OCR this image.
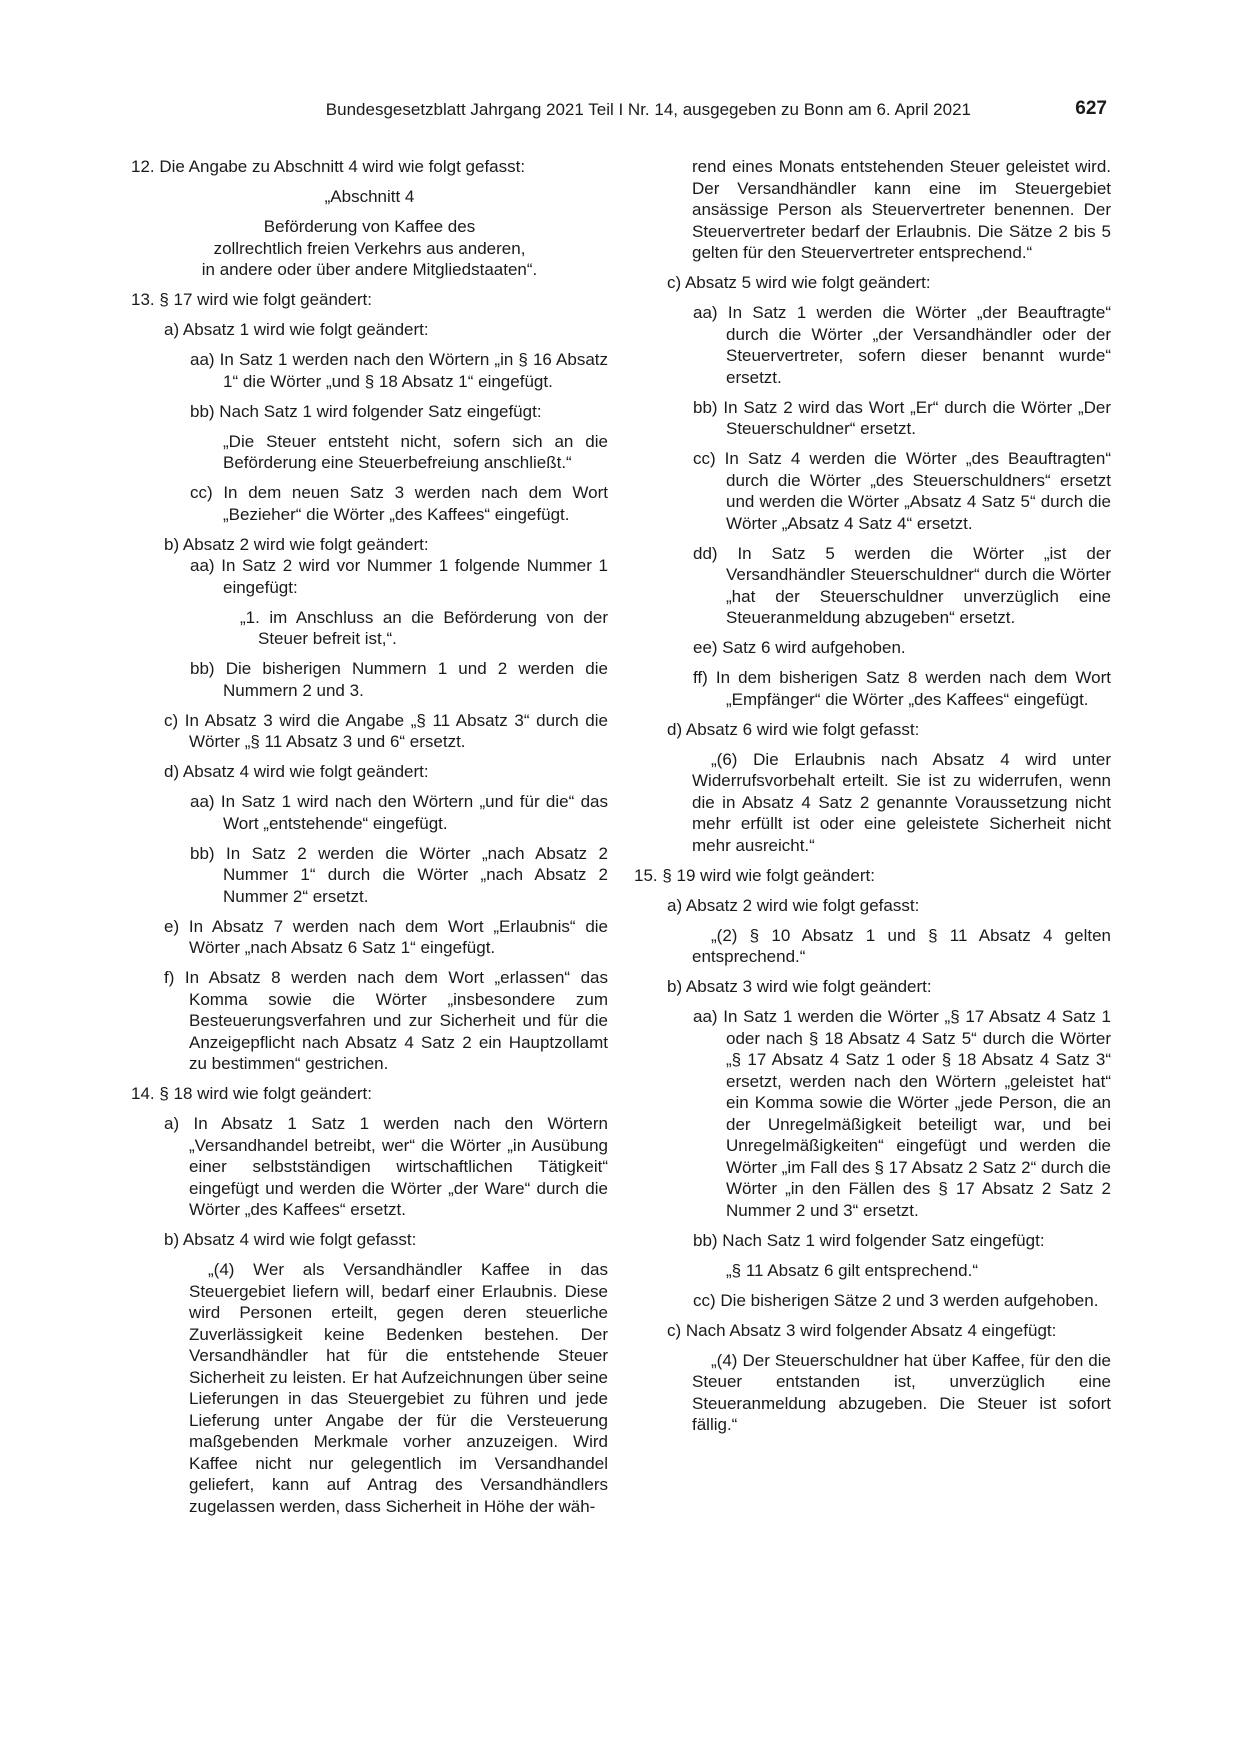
Bundesgesetzblatt Jahrgang 2021 Teil I Nr. 14, ausgegeben zu Bonn am 6. April 2021	627

12. Die Angabe zu Abschnitt 4 wird wie folgt gefasst:

„Abschnitt 4

Beförderung von Kaffee des
zollrechtlich freien Verkehrs aus anderen,
in andere oder über andere Mitgliedstaaten“.

13. § 17 wird wie folgt geändert:

a) Absatz 1 wird wie folgt geändert:

aa) In Satz 1 werden nach den Wörtern „in § 16 Absatz 1“ die Wörter „und § 18 Absatz 1“ eingefügt.

bb) Nach Satz 1 wird folgender Satz eingefügt:

„Die Steuer entsteht nicht, sofern sich an die Beförderung eine Steuerbefreiung anschließt.“

cc) In dem neuen Satz 3 werden nach dem Wort „Bezieher“ die Wörter „des Kaffees“ eingefügt.

b) Absatz 2 wird wie folgt geändert:

aa) In Satz 2 wird vor Nummer 1 folgende Nummer 1 eingefügt:

„1. im Anschluss an die Beförderung von der Steuer befreit ist,“.

bb) Die bisherigen Nummern 1 und 2 werden die Nummern 2 und 3.

c) In Absatz 3 wird die Angabe „§ 11 Absatz 3“ durch die Wörter „§ 11 Absatz 3 und 6“ ersetzt.

d) Absatz 4 wird wie folgt geändert:

aa) In Satz 1 wird nach den Wörtern „und für die“ das Wort „entstehende“ eingefügt.

bb) In Satz 2 werden die Wörter „nach Absatz 2 Nummer 1“ durch die Wörter „nach Absatz 2 Nummer 2“ ersetzt.

e) In Absatz 7 werden nach dem Wort „Erlaubnis“ die Wörter „nach Absatz 6 Satz 1“ eingefügt.

f) In Absatz 8 werden nach dem Wort „erlassen“ das Komma sowie die Wörter „insbesondere zum Besteuerungsverfahren und zur Sicherheit und für die Anzeigepflicht nach Absatz 4 Satz 2 ein Hauptzollamt zu bestimmen“ gestrichen.

14. § 18 wird wie folgt geändert:

a) In Absatz 1 Satz 1 werden nach den Wörtern „Versandhandel betreibt, wer“ die Wörter „in Ausübung einer selbstständigen wirtschaftlichen Tätigkeit“ eingefügt und werden die Wörter „der Ware“ durch die Wörter „des Kaffees“ ersetzt.

b) Absatz 4 wird wie folgt gefasst:

„(4) Wer als Versandhändler Kaffee in das Steuergebiet liefern will, bedarf einer Erlaubnis. Diese wird Personen erteilt, gegen deren steuerliche Zuverlässigkeit keine Bedenken bestehen. Der Versandhändler hat für die entstehende Steuer Sicherheit zu leisten. Er hat Aufzeichnungen über seine Lieferungen in das Steuergebiet zu führen und jede Lieferung unter Angabe der für die Versteuerung maßgebenden Merkmale vorher anzuzeigen. Wird Kaffee nicht nur gelegentlich im Versandhandel geliefert, kann auf Antrag des Versandhändlers zugelassen werden, dass Sicherheit in Höhe der wäh-

rend eines Monats entstehenden Steuer geleistet wird. Der Versandhändler kann eine im Steuergebiet ansässige Person als Steuervertreter benennen. Der Steuervertreter bedarf der Erlaubnis. Die Sätze 2 bis 5 gelten für den Steuervertreter entsprechend.“

c) Absatz 5 wird wie folgt geändert:

aa) In Satz 1 werden die Wörter „der Beauftragte“ durch die Wörter „der Versandhändler oder der Steuervertreter, sofern dieser benannt wurde“ ersetzt.

bb) In Satz 2 wird das Wort „Er“ durch die Wörter „Der Steuerschuldner“ ersetzt.

cc) In Satz 4 werden die Wörter „des Beauftragten“ durch die Wörter „des Steuerschuldners“ ersetzt und werden die Wörter „Absatz 4 Satz 5“ durch die Wörter „Absatz 4 Satz 4“ ersetzt.

dd) In Satz 5 werden die Wörter „ist der Versandhändler Steuerschuldner“ durch die Wörter „hat der Steuerschuldner unverzüglich eine Steueranmeldung abzugeben“ ersetzt.

ee) Satz 6 wird aufgehoben.

ff) In dem bisherigen Satz 8 werden nach dem Wort „Empfänger“ die Wörter „des Kaffees“ eingefügt.

d) Absatz 6 wird wie folgt gefasst:

„(6) Die Erlaubnis nach Absatz 4 wird unter Widerrufsvorbehalt erteilt. Sie ist zu widerrufen, wenn die in Absatz 4 Satz 2 genannte Voraussetzung nicht mehr erfüllt ist oder eine geleistete Sicherheit nicht mehr ausreicht.“

15. § 19 wird wie folgt geändert:

a) Absatz 2 wird wie folgt gefasst:

„(2) § 10 Absatz 1 und § 11 Absatz 4 gelten entsprechend.“

b) Absatz 3 wird wie folgt geändert:

aa) In Satz 1 werden die Wörter „§ 17 Absatz 4 Satz 1 oder nach § 18 Absatz 4 Satz 5“ durch die Wörter „§ 17 Absatz 4 Satz 1 oder § 18 Absatz 4 Satz 3“ ersetzt, werden nach den Wörtern „geleistet hat“ ein Komma sowie die Wörter „jede Person, die an der Unregelmäßigkeit beteiligt war, und bei Unregelmäßigkeiten“ eingefügt und werden die Wörter „im Fall des § 17 Absatz 2 Satz 2“ durch die Wörter „in den Fällen des § 17 Absatz 2 Satz 2 Nummer 2 und 3“ ersetzt.

bb) Nach Satz 1 wird folgender Satz eingefügt:

„§ 11 Absatz 6 gilt entsprechend.“

cc) Die bisherigen Sätze 2 und 3 werden aufgehoben.

c) Nach Absatz 3 wird folgender Absatz 4 eingefügt:

„(4) Der Steuerschuldner hat über Kaffee, für den die Steuer entstanden ist, unverzüglich eine Steueranmeldung abzugeben. Die Steuer ist sofort fällig.“
